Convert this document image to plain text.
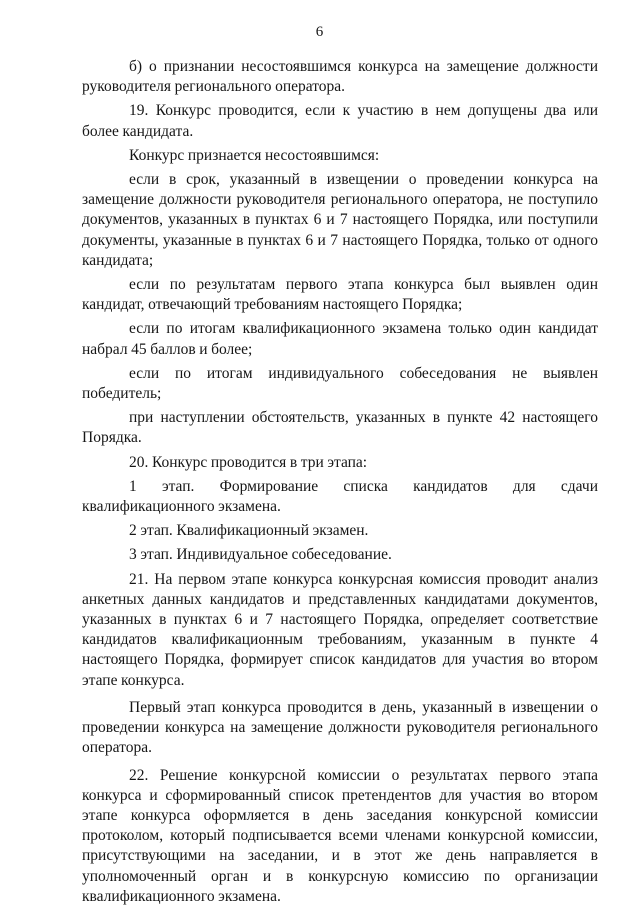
6

б) о признании несостоявшимся конкурса на замещение должности руководителя регионального оператора.

19. Конкурс проводится, если к участию в нем допущены два или более кандидата.

Конкурс признается несостоявшимся:

если в срок, указанный в извещении о проведении конкурса на замещение должности руководителя регионального оператора, не поступило документов, указанных в пунктах 6 и 7 настоящего Порядка, или поступили документы, указанные в пунктах 6 и 7 настоящего Порядка, только от одного кандидата;

если по результатам первого этапа конкурса был выявлен один кандидат, отвечающий требованиям настоящего Порядка;

если по итогам квалификационного экзамена только один кандидат набрал 45 баллов и более;

если по итогам индивидуального собеседования не выявлен победитель;

при наступлении обстоятельств, указанных в пункте 42 настоящего Порядка.

20. Конкурс проводится в три этапа:

1 этап. Формирование списка кандидатов для сдачи квалификационного экзамена.

2 этап. Квалификационный экзамен.

3 этап. Индивидуальное собеседование.

21. На первом этапе конкурса конкурсная комиссия проводит анализ анкетных данных кандидатов и представленных кандидатами документов, указанных в пунктах 6 и 7 настоящего Порядка, определяет соответствие кандидатов квалификационным требованиям, указанным в пункте 4 настоящего Порядка, формирует список кандидатов для участия во втором этапе конкурса.

Первый этап конкурса проводится в день, указанный в извещении о проведении конкурса на замещение должности руководителя регионального оператора.

22. Решение конкурсной комиссии о результатах первого этапа конкурса и сформированный список претендентов для участия во втором этапе конкурса оформляется в день заседания конкурсной комиссии протоколом, который подписывается всеми членами конкурсной комиссии, присутствующими на заседании, и в этот же день направляется в уполномоченный орган и в конкурсную комиссию по организации квалификационного экзамена.
